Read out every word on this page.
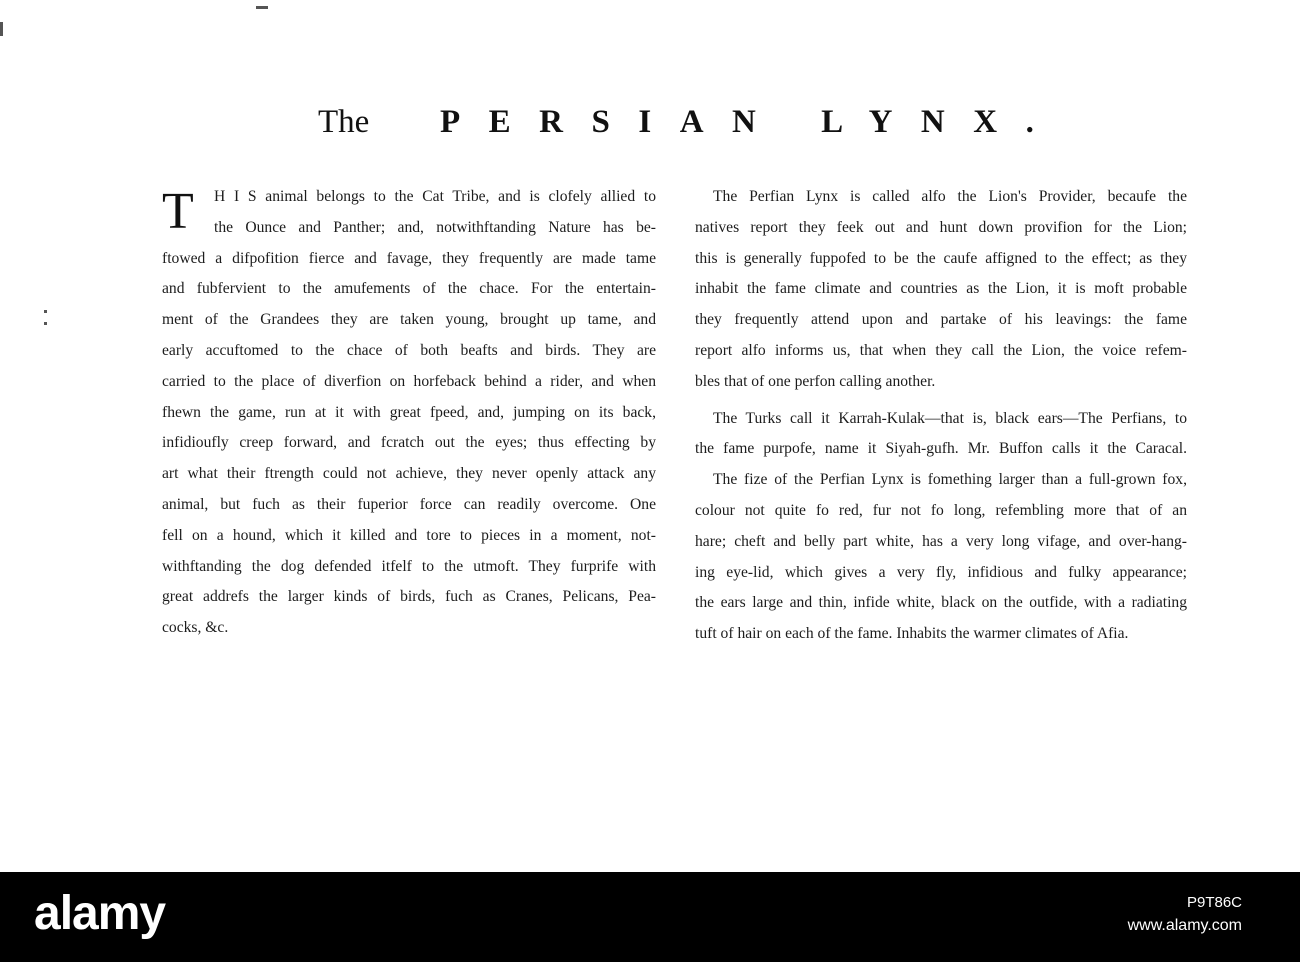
The PERSIAN LYNX.
T	H I S animal belongs to the Cat Tribe, and is clofely allied to
the Ounce and Panther; and, notwithftanding Nature has be-
ftowed a difpofition fierce and favage, they frequently are made tame
and fubfervient to the amufements of the chace. For the entertain-
ment of the Grandees they are taken young, brought up tame, and
early accuftomed to the chace of both beafts and birds. They are
carried to the place of diverfion on horfeback behind a rider, and when
fhewn the game, run at it with great fpeed, and, jumping on its back,
infidioufly creep forward, and fcratch out the eyes; thus effecting by
art what their ftrength could not achieve, they never openly attack any
animal, but fuch as their fuperior force can readily overcome. One
fell on a hound, which it killed and tore to pieces in a moment, not-
withftanding the dog defended itfelf to the utmoft. They furprife with
great addrefs the larger kinds of birds, fuch as Cranes, Pelicans, Pea-
cocks, &c.

The Perfian Lynx is called alfo the Lion's Provider, becaufe the
natives report they feek out and hunt down provifion for the Lion;
this is generally fuppofed to be the caufe affigned to the effect; as they
inhabit the fame climate and countries as the Lion, it is moft probable
they frequently attend upon and partake of his leavings: the fame
report alfo informs us, that when they call the Lion, the voice refem-
bles that of one perfon calling another.

The Turks call it Karrah-Kulak—that is, black ears—The Perfians, to
the fame purpofe, name it Siyah-gufh. Mr. Buffon calls it the Caracal.

The fize of the Perfian Lynx is fomething larger than a full-grown fox,
colour not quite fo red, fur not fo long, refembling more that of an
hare; cheft and belly part white, has a very long vifage, and over-hang-
ing eye-lid, which gives a very fly, infidious and fulky appearance;
the ears large and thin, infide white, black on the outfide, with a radiating
tuft of hair on each of the fame. Inhabits the warmer climates of Afia.

alamy	P9T86C
www.alamy.com
